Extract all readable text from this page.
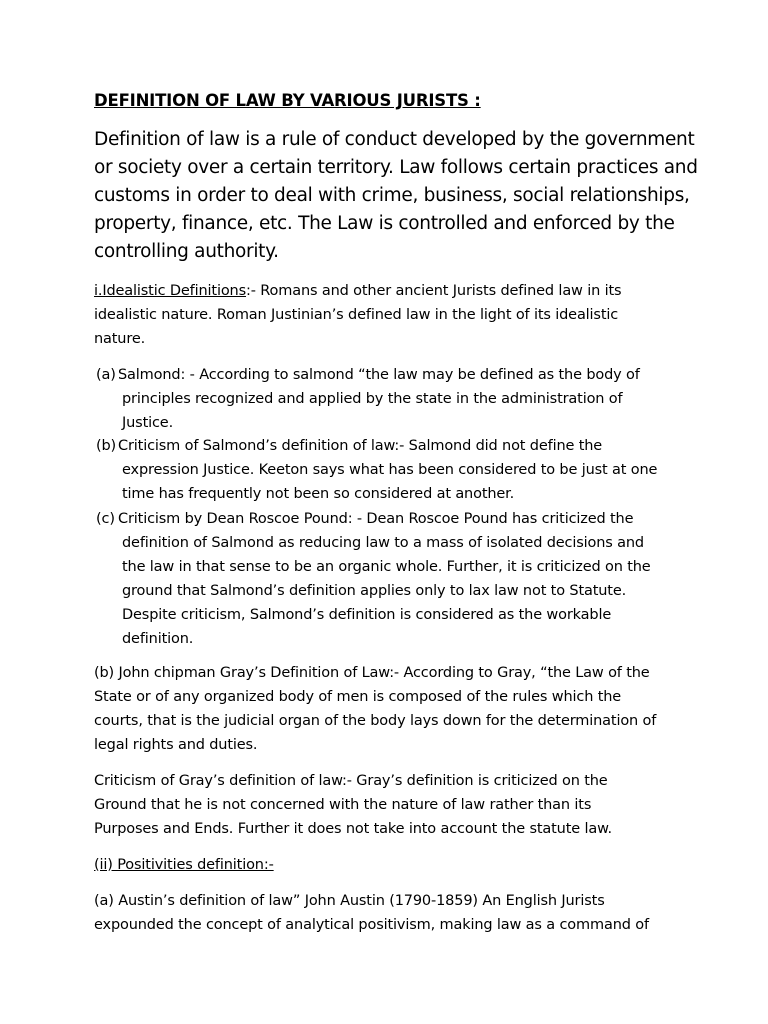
DEFINITION OF LAW BY VARIOUS JURISTS :
Definition of law is a rule of conduct developed by the government
or society over a certain territory. Law follows certain practices and
customs in order to deal with crime, business, social relationships,
property, finance, etc. The Law is controlled and enforced by the
controlling authority.
i.Idealistic Definitions:- Romans and other ancient Jurists defined law in its
idealistic nature. Roman Justinian’s defined law in the light of its idealistic
nature.
(a) Salmond: - According to salmond “the law may be defined as the body of
principles recognized and applied by the state in the administration of
Justice.
(b) Criticism of Salmond’s definition of law:- Salmond did not define the
expression Justice. Keeton says what has been considered to be just at one
time has frequently not been so considered at another.
(c) Criticism by Dean Roscoe Pound: - Dean Roscoe Pound has criticized the
definition of Salmond as reducing law to a mass of isolated decisions and
the law in that sense to be an organic whole. Further, it is criticized on the
ground that Salmond’s definition applies only to lax law not to Statute.
Despite criticism, Salmond’s definition is considered as the workable
definition.
(b) John chipman Gray’s Definition of Law:- According to Gray, “the Law of the
State or of any organized body of men is composed of the rules which the
courts, that is the judicial organ of the body lays down for the determination of
legal rights and duties.
Criticism of Gray’s definition of law:- Gray’s definition is criticized on the
Ground that he is not concerned with the nature of law rather than its
Purposes and Ends. Further it does not take into account the statute law.
(ii) Positivities definition:-
(a) Austin’s definition of law” John Austin (1790-1859) An English Jurists
expounded the concept of analytical positivism, making law as a command of
